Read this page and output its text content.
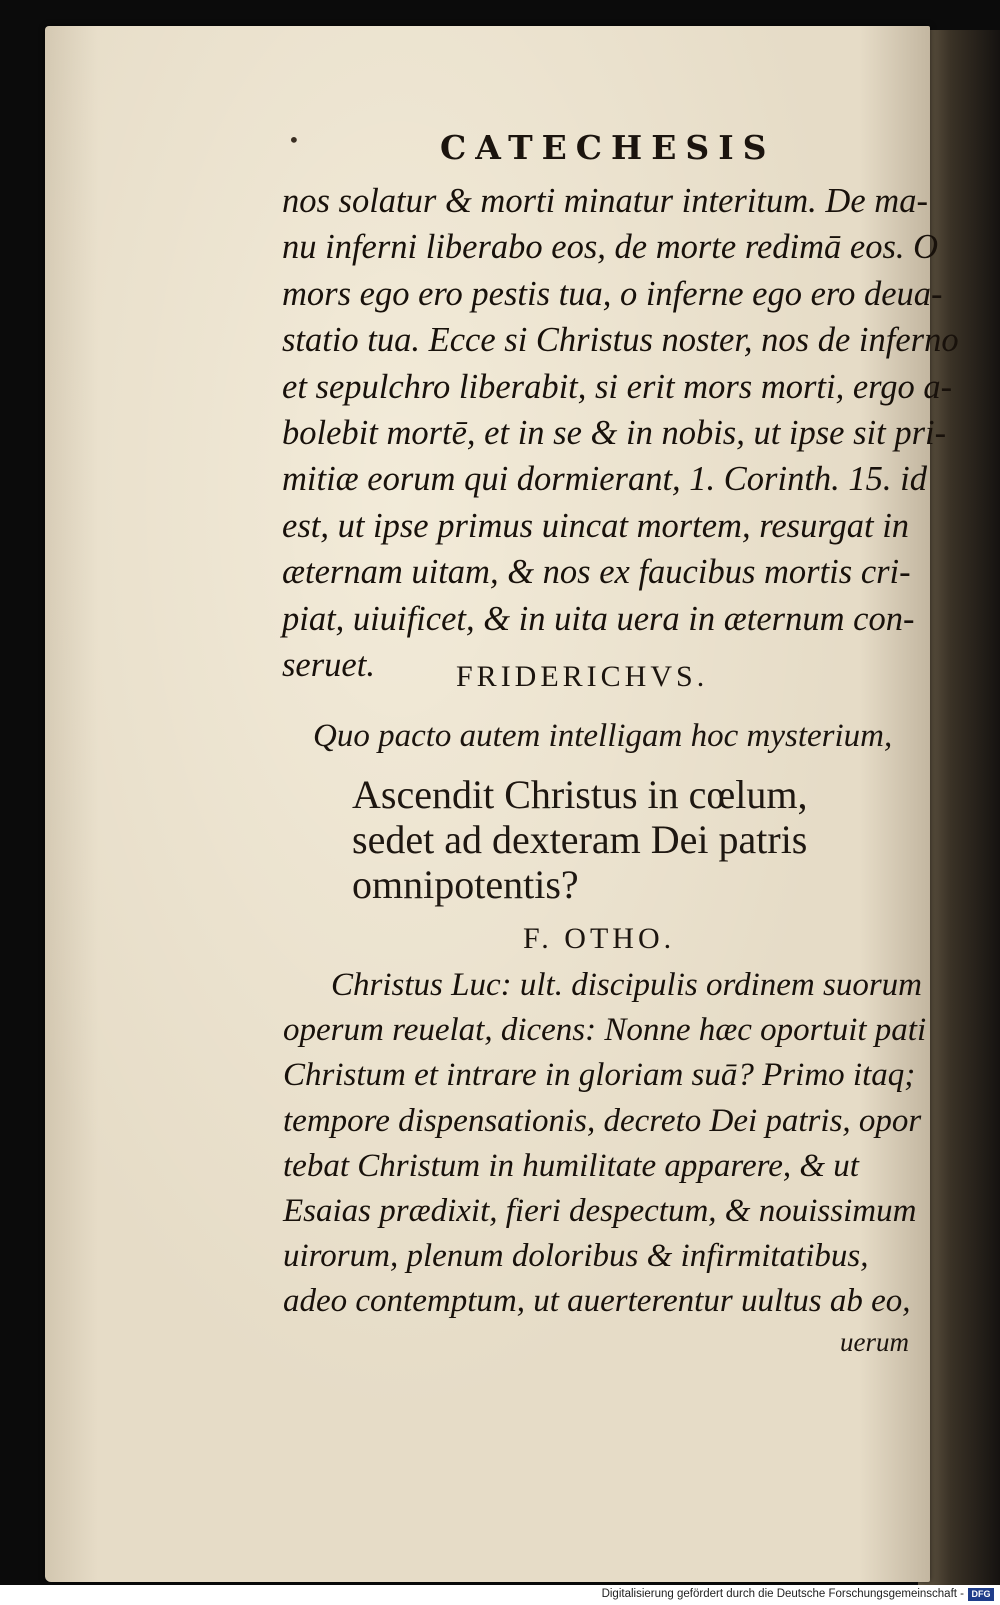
•	CATECHESIS
nos solatur & morti minatur interitum. De ma-
nu inferni liberabo eos, de morte redimā eos. O
mors ego ero pestis tua, o inferne ego ero deua-
statio tua. Ecce si Christus noster, nos de inferno
et sepulchro liberabit, si erit mors morti, ergo a-
bolebit mortē, et in se & in nobis, ut ipse sit pri-
mitiæ eorum qui dormierant, 1. Corinth. 15. id
est, ut ipse primus uincat mortem, resurgat in
æternam uitam, & nos ex faucibus mortis cri-
piat, uiuificet, & in uita uera in æternum con-
seruet.	FRIDERICHVS.
Quo pacto autem intelligam hoc mysterium,
Ascendit Christus in cœlum,
sedet ad dexteram Dei patris
omnipotentis?
F. OTHO.
Christus Luc: ult. discipulis ordinem suorum
operum reuelat, dicens: Nonne hæc oportuit pati
Christum et intrare in gloriam suā? Primo itaq;
tempore dispensationis, decreto Dei patris, opor
tebat Christum in humilitate apparere, & ut
Esaias prædixit, fieri despectum, & nouissimum
uirorum, plenum doloribus & infirmitatibus,
adeo contemptum, ut auerterentur uultus ab eo,
uerum
Digitalisierung gefördert durch die Deutsche Forschungsgemeinschaft - DFG
